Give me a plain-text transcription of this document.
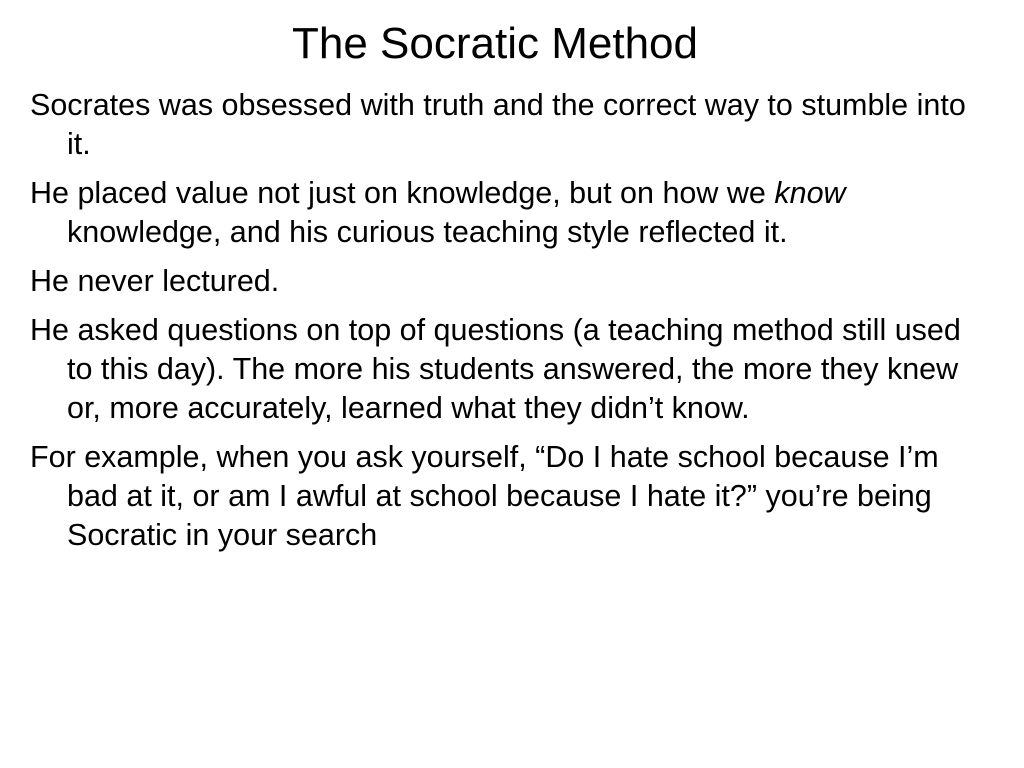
The Socratic Method
Socrates was obsessed with truth and the correct way to stumble into it.
He placed value not just on knowledge, but on how we know knowledge, and his curious teaching style reflected it.
He never lectured.
He asked questions on top of questions (a teaching method still used to this day). The more his students answered, the more they knew or, more accurately, learned what they didn’t know.
For example, when you ask yourself, “Do I hate school because I’m bad at it, or am I awful at school because I hate it?” you’re being Socratic in your search
